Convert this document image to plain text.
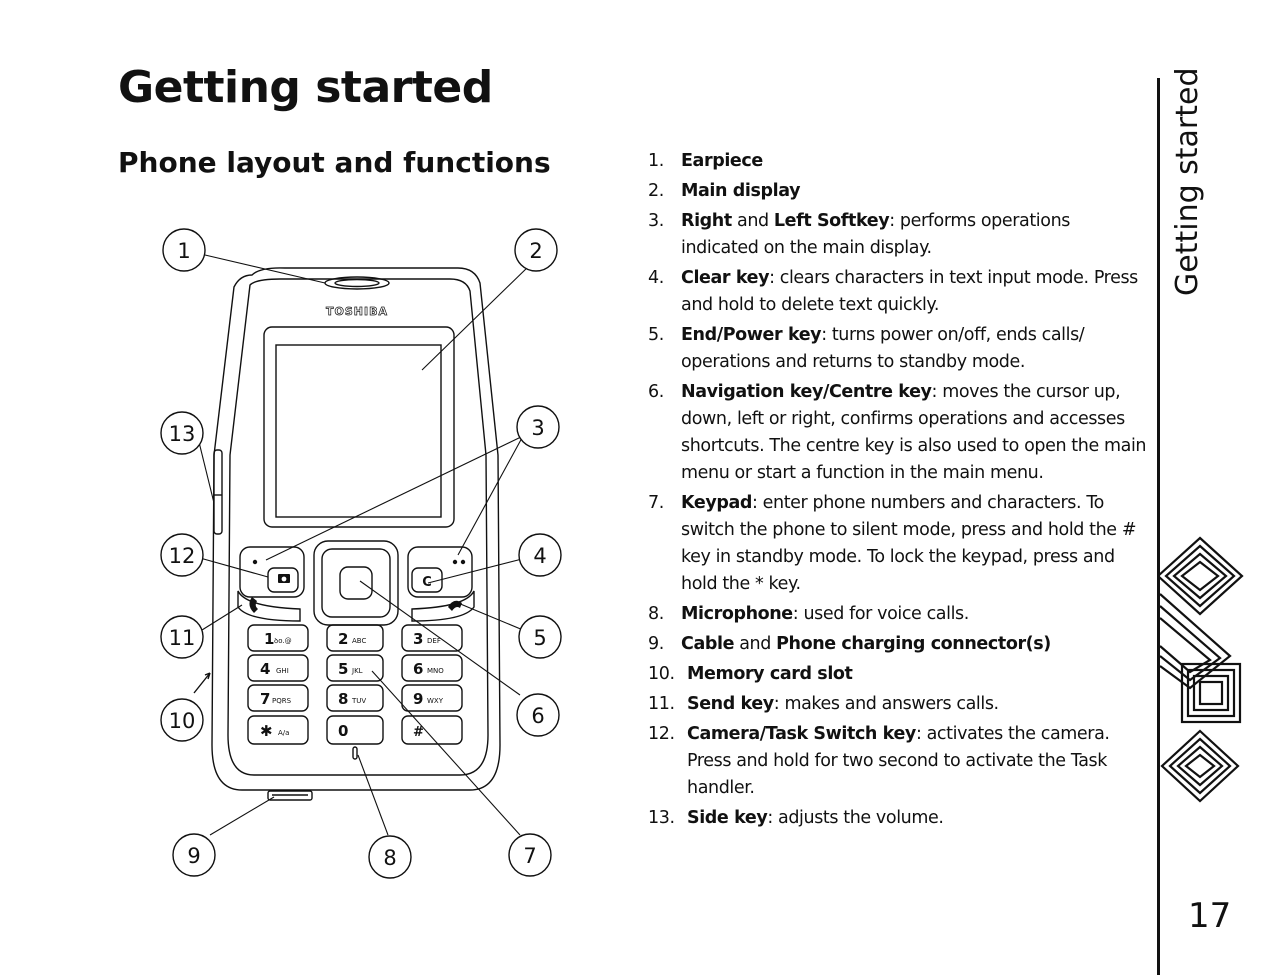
Getting started
Phone layout and functions
TOSHIBA
C
1 ꝺo.@	2 ABC	3 DEF
4 GHI	5 JKL	6 MNO
7 PQRS	8 TUV	9 WXY
✱ A/a	0	#
1	2
3
4
5
6
7
8
9
10
11
12
13
1. Earpiece
2. Main display
3. Right and Left Softkey: performs operations indicated on the main display.
4. Clear key: clears characters in text input mode. Press and hold to delete text quickly.
5. End/Power key: turns power on/off, ends calls/ operations and returns to standby mode.
6. Navigation key/Centre key: moves the cursor up, down, left or right, confirms operations and accesses shortcuts. The centre key is also used to open the main menu or start a function in the main menu.
7. Keypad: enter phone numbers and characters. To switch the phone to silent mode, press and hold the # key in standby mode. To lock the keypad, press and hold the * key.
8. Microphone: used for voice calls.
9. Cable and Phone charging connector(s)
10. Memory card slot
11. Send key: makes and answers calls.
12. Camera/Task Switch key: activates the camera. Press and hold for two second to activate the Task handler.
13. Side key: adjusts the volume.
Getting started
17
